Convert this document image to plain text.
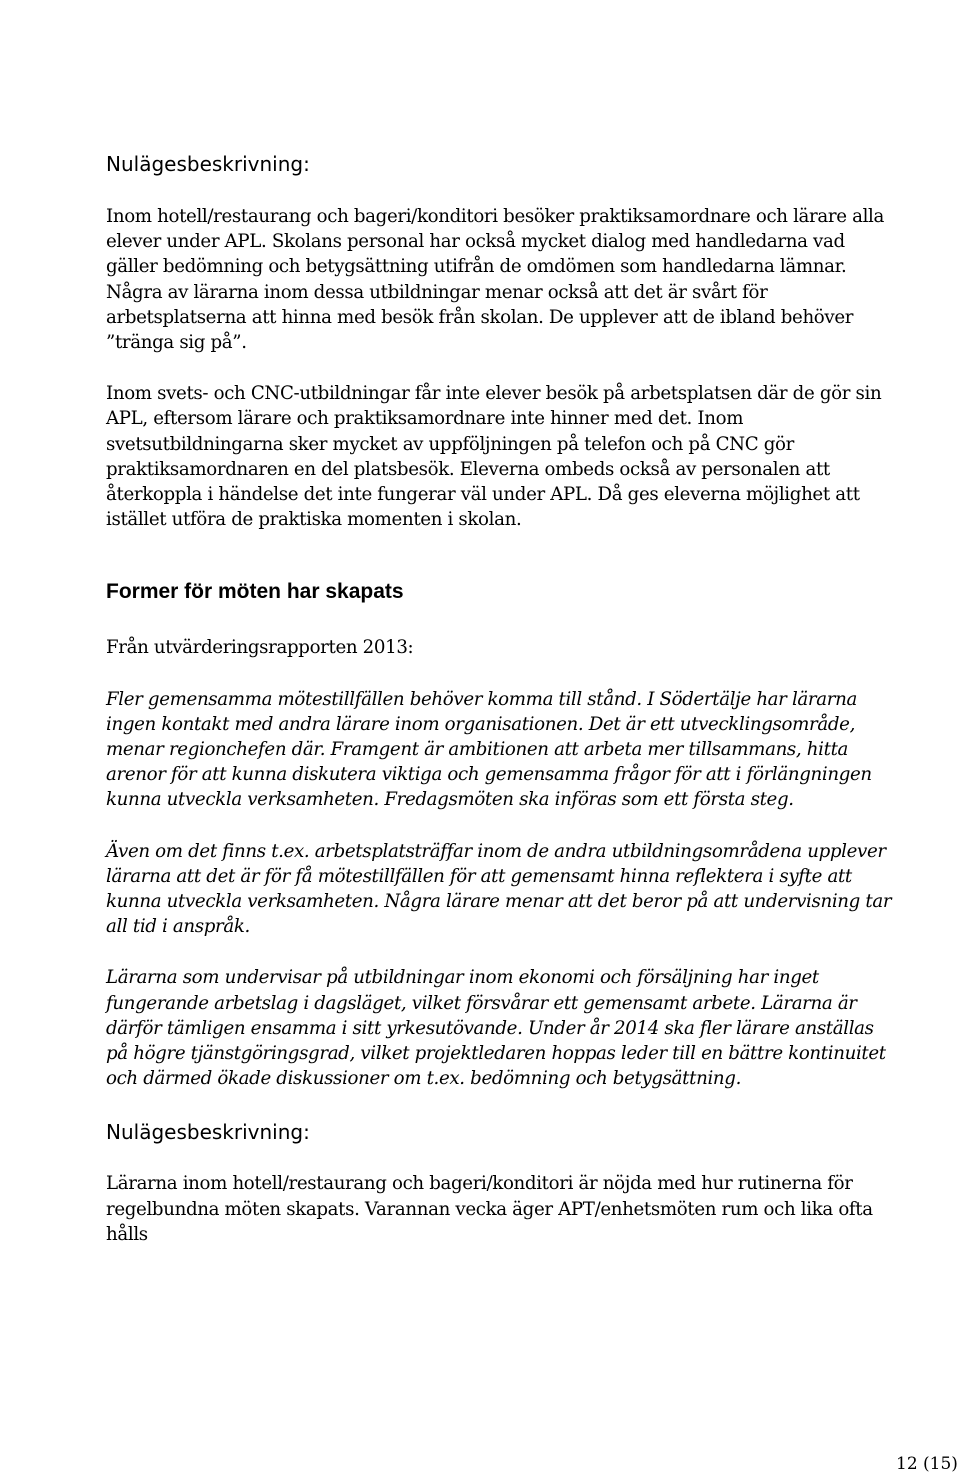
KOMMUNFÖRBUNDET
STOCKHOLMS LÄN
UPPFÖLJNINGSRAPPORT
2015-02-23

Nulägesbeskrivning:

Inom hotell/restaurang och bageri/konditori besöker praktiksamordnare och lärare alla elever under APL. Skolans personal har också mycket dialog med handledarna vad gäller bedömning och betygsättning utifrån de omdömen som handledarna lämnar. Några av lärarna inom dessa utbildningar menar också att det är svårt för arbetsplatserna att hinna med besök från skolan. De upplever att de ibland behöver ”tränga sig på”.

Inom svets- och CNC-utbildningar får inte elever besök på arbetsplatsen där de gör sin APL, eftersom lärare och praktiksamordnare inte hinner med det. Inom svetsutbildningarna sker mycket av uppföljningen på telefon och på CNC gör praktiksamordnaren en del platsbesök. Eleverna ombeds också av personalen att återkoppla i händelse det inte fungerar väl under APL. Då ges eleverna möjlighet att istället utföra de praktiska momenten i skolan.

Former för möten har skapats

Från utvärderingsrapporten 2013:

Fler gemensamma mötestillfällen behöver komma till stånd. I Södertälje har lärarna ingen kontakt med andra lärare inom organisationen. Det är ett utvecklingsområde, menar regionchefen där. Framgent är ambitionen att arbeta mer tillsammans, hitta arenor för att kunna diskutera viktiga och gemensamma frågor för att i förlängningen kunna utveckla verksamheten. Fredagsmöten ska införas som ett första steg.

Även om det finns t.ex. arbetsplatsträffar inom de andra utbildningsområdena upplever lärarna att det är för få mötestillfällen för att gemensamt hinna reflektera i syfte att kunna utveckla verksamheten. Några lärare menar att det beror på att undervisning tar all tid i anspråk.

Lärarna som undervisar på utbildningar inom ekonomi och försäljning har inget fungerande arbetslag i dagsläget, vilket försvårar ett gemensamt arbete. Lärarna är därför tämligen ensamma i sitt yrkesutövande. Under år 2014 ska fler lärare anställas på högre tjänstgöringsgrad, vilket projektledaren hoppas leder till en bättre kontinuitet och därmed ökade diskussioner om t.ex. bedömning och betygsättning.

Nulägesbeskrivning:

Lärarna inom hotell/restaurang och bageri/konditori är nöjda med hur rutinerna för regelbundna möten skapats. Varannan vecka äger APT/enhetsmöten rum och lika ofta hålls

12 (15)
